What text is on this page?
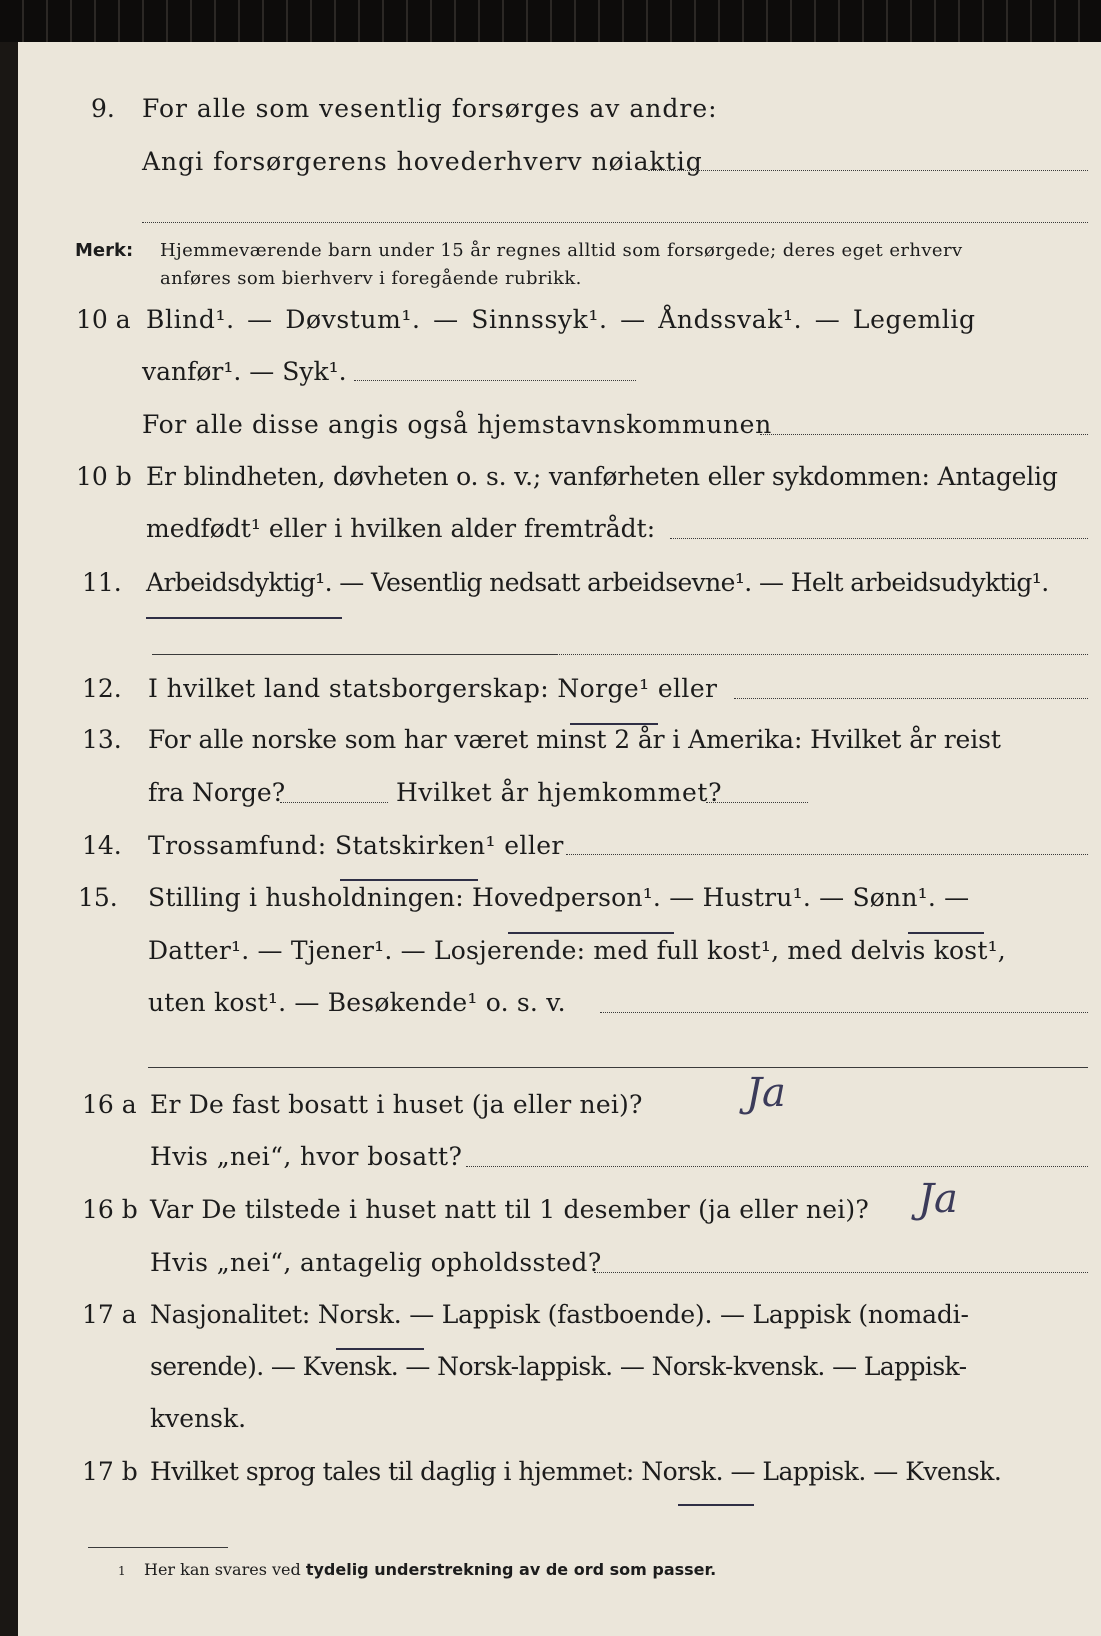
9. For alle som vesentlig forsørges av andre:
Angi forsørgerens hovederhverv nøiaktig
Merk: Hjemmeværende barn under 15 år regnes alltid som forsørgede; deres eget erhverv
anføres som bierhverv i foregående rubrikk.
10 a Blind¹. — Døvstum¹. — Sinnssyk¹. — Åndssvak¹. — Legemlig
vanfør¹. — Syk¹.
For alle disse angis også hjemstavnskommunen
10 b Er blindheten, døvheten o. s. v.; vanførheten eller sykdommen: Antagelig
medfødt¹ eller i hvilken alder fremtrådt:
11. Arbeidsdyktig¹. — Vesentlig nedsatt arbeidsevne¹. — Helt arbeidsudyktig¹.
12. I hvilket land statsborgerskap: Norge¹ eller
13. For alle norske som har været minst 2 år i Amerika: Hvilket år reist
fra Norge?	Hvilket år hjemkommet?
14. Trossamfund: Statskirken¹ eller
15. Stilling i husholdningen: Hovedperson¹. — Hustru¹. — Sønn¹. —
Datter¹. — Tjener¹. — Losjerende: med full kost¹, med delvis kost¹,
uten kost¹. — Besøkende¹ o. s. v.
16 a Er De fast bosatt i huset (ja eller nei)?	Ja
Hvis „nei“, hvor bosatt?
16 b Var De tilstede i huset natt til 1 desember (ja eller nei)? Ja
Hvis „nei“, antagelig opholdssted?
17 a Nasjonalitet: Norsk. — Lappisk (fastboende). — Lappisk (nomadi-
serende). — Kvensk. — Norsk-lappisk. — Norsk-kvensk. — Lappisk-
kvensk.
17 b Hvilket sprog tales til daglig i hjemmet: Norsk. — Lappisk. — Kvensk.
1 Her kan svares ved tydelig understrekning av de ord som passer.
